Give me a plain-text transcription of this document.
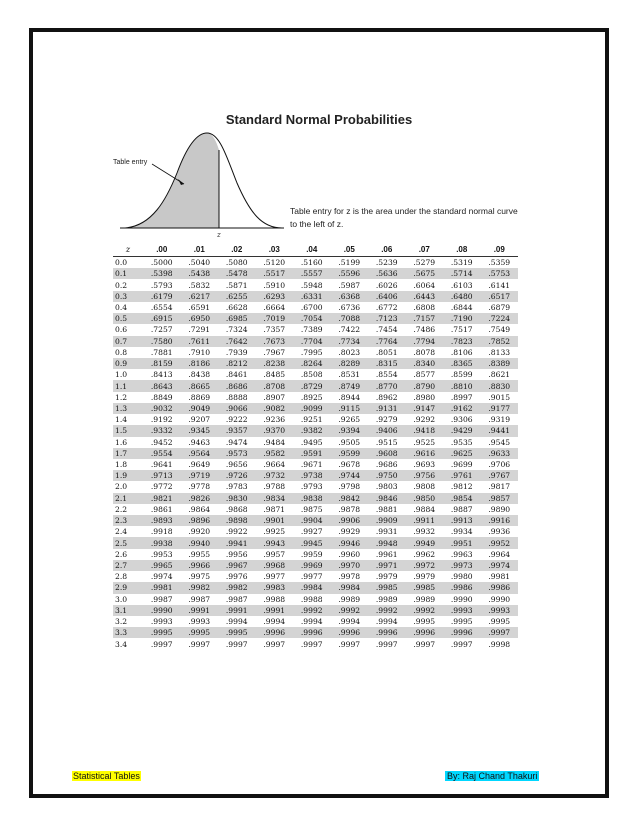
Standard Normal Probabilities
Table entry
z
Table entry for z is the area under the standard normal curve
to the left of z.
z	.00	.01	.02	.03	.04	.05	.06	.07	.08	.09
0.0	.5000	.5040	.5080	.5120	.5160	.5199	.5239	.5279	.5319	.5359
0.1	.5398	.5438	.5478	.5517	.5557	.5596	.5636	.5675	.5714	.5753
0.2	.5793	.5832	.5871	.5910	.5948	.5987	.6026	.6064	.6103	.6141
0.3	.6179	.6217	.6255	.6293	.6331	.6368	.6406	.6443	.6480	.6517
0.4	.6554	.6591	.6628	.6664	.6700	.6736	.6772	.6808	.6844	.6879
0.5	.6915	.6950	.6985	.7019	.7054	.7088	.7123	.7157	.7190	.7224
0.6	.7257	.7291	.7324	.7357	.7389	.7422	.7454	.7486	.7517	.7549
0.7	.7580	.7611	.7642	.7673	.7704	.7734	.7764	.7794	.7823	.7852
0.8	.7881	.7910	.7939	.7967	.7995	.8023	.8051	.8078	.8106	.8133
0.9	.8159	.8186	.8212	.8238	.8264	.8289	.8315	.8340	.8365	.8389
1.0	.8413	.8438	.8461	.8485	.8508	.8531	.8554	.8577	.8599	.8621
1.1	.8643	.8665	.8686	.8708	.8729	.8749	.8770	.8790	.8810	.8830
1.2	.8849	.8869	.8888	.8907	.8925	.8944	.8962	.8980	.8997	.9015
1.3	.9032	.9049	.9066	.9082	.9099	.9115	.9131	.9147	.9162	.9177
1.4	.9192	.9207	.9222	.9236	.9251	.9265	.9279	.9292	.9306	.9319
1.5	.9332	.9345	.9357	.9370	.9382	.9394	.9406	.9418	.9429	.9441
1.6	.9452	.9463	.9474	.9484	.9495	.9505	.9515	.9525	.9535	.9545
1.7	.9554	.9564	.9573	.9582	.9591	.9599	.9608	.9616	.9625	.9633
1.8	.9641	.9649	.9656	.9664	.9671	.9678	.9686	.9693	.9699	.9706
1.9	.9713	.9719	.9726	.9732	.9738	.9744	.9750	.9756	.9761	.9767
2.0	.9772	.9778	.9783	.9788	.9793	.9798	.9803	.9808	.9812	.9817
2.1	.9821	.9826	.9830	.9834	.9838	.9842	.9846	.9850	.9854	.9857
2.2	.9861	.9864	.9868	.9871	.9875	.9878	.9881	.9884	.9887	.9890
2.3	.9893	.9896	.9898	.9901	.9904	.9906	.9909	.9911	.9913	.9916
2.4	.9918	.9920	.9922	.9925	.9927	.9929	.9931	.9932	.9934	.9936
2.5	.9938	.9940	.9941	.9943	.9945	.9946	.9948	.9949	.9951	.9952
2.6	.9953	.9955	.9956	.9957	.9959	.9960	.9961	.9962	.9963	.9964
2.7	.9965	.9966	.9967	.9968	.9969	.9970	.9971	.9972	.9973	.9974
2.8	.9974	.9975	.9976	.9977	.9977	.9978	.9979	.9979	.9980	.9981
2.9	.9981	.9982	.9982	.9983	.9984	.9984	.9985	.9985	.9986	.9986
3.0	.9987	.9987	.9987	.9988	.9988	.9989	.9989	.9989	.9990	.9990
3.1	.9990	.9991	.9991	.9991	.9992	.9992	.9992	.9992	.9993	.9993
3.2	.9993	.9993	.9994	.9994	.9994	.9994	.9994	.9995	.9995	.9995
3.3	.9995	.9995	.9995	.9996	.9996	.9996	.9996	.9996	.9996	.9997
3.4	.9997	.9997	.9997	.9997	.9997	.9997	.9997	.9997	.9997	.9998
Statistical Tables	By: Raj Chand Thakuri
